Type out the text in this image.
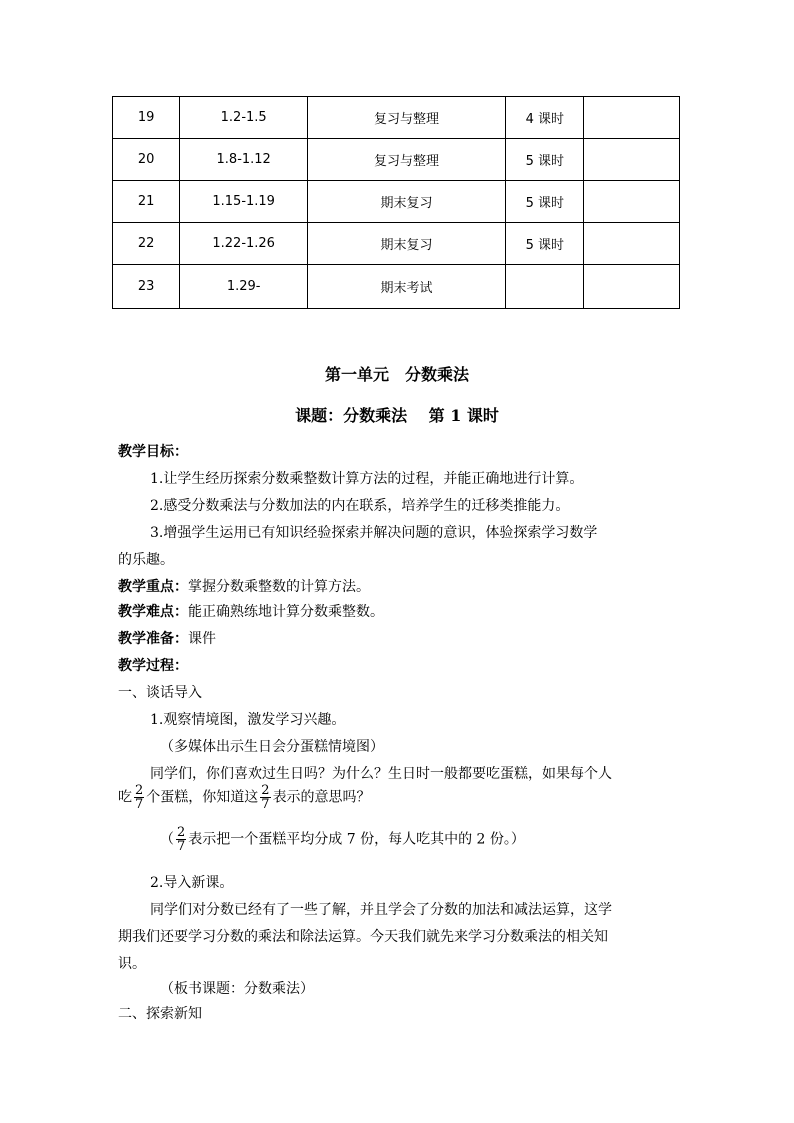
19	1.2-1.5	复习与整理	4 课时	
20	1.8-1.12	复习与整理	5 课时	
21	1.15-1.19	期末复习	5 课时	
22	1.22-1.26	期末复习	5 课时	
23	1.29-	期末考试		
第一单元　分数乘法
课题：分数乘法　 第 1 课时
教学目标：
1.让学生经历探索分数乘整数计算方法的过程，并能正确地进行计算。
2.感受分数乘法与分数加法的内在联系，培养学生的迁移类推能力。
3.增强学生运用已有知识经验探索并解决问题的意识，体验探索学习数学
的乐趣。
教学重点：掌握分数乘整数的计算方法。
教学难点：能正确熟练地计算分数乘整数。
教学准备：课件
教学过程：
一、谈话导入
1.观察情境图，激发学习兴趣。
（多媒体出示生日会分蛋糕情境图）
同学们，你们喜欢过生日吗？为什么？生日时一般都要吃蛋糕，如果每个人
吃 $\frac{2}{7}$ 个蛋糕，你知道这 $\frac{2}{7}$ 表示的意思吗？
（ $\frac{2}{7}$ 表示把一个蛋糕平均分成 7 份，每人吃其中的 2 份。）
2.导入新课。
同学们对分数已经有了一些了解，并且学会了分数的加法和减法运算，这学
期我们还要学习分数的乘法和除法运算。今天我们就先来学习分数乘法的相关知
识。
（板书课题：分数乘法）
二、探索新知
